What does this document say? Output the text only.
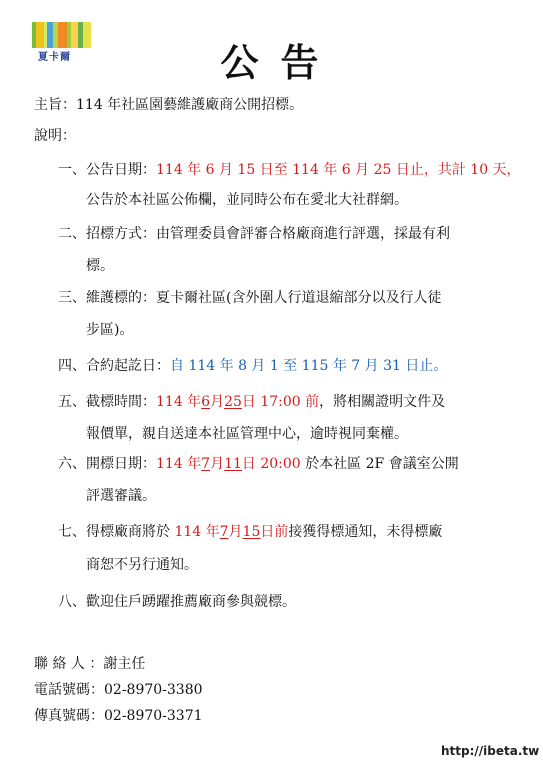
夏卡爾	公告
主旨：114 年社區園藝維護廠商公開招標。
說明：
一、公告日期：114 年 6 月 15 日至 114 年 6 月 25 日止，共計 10 天，
公告於本社區公佈欄，並同時公布在愛北大社群網。
二、招標方式：由管理委員會評審合格廠商進行評選，採最有利
標。
三、維護標的：夏卡爾社區(含外圍人行道退縮部分以及行人徒
步區)。
四、合約起訖日：自 114 年 8 月 1 至 115 年 7 月 31 日止。
五、截標時間：114 年6月25日 17:00 前，將相關證明文件及
報價單，親自送達本社區管理中心，逾時視同棄權。
六、開標日期：114 年7月11日 20:00 於本社區 2F 會議室公開
評選審議。
七、得標廠商將於 114 年7月15日前接獲得標通知，未得標廠
商恕不另行通知。
八、歡迎住戶踴躍推薦廠商參與競標。
聯 絡 人 ：謝主任
電話號碼：02-8970-3380
傳真號碼：02-8970-3371
http://ibeta.tw
